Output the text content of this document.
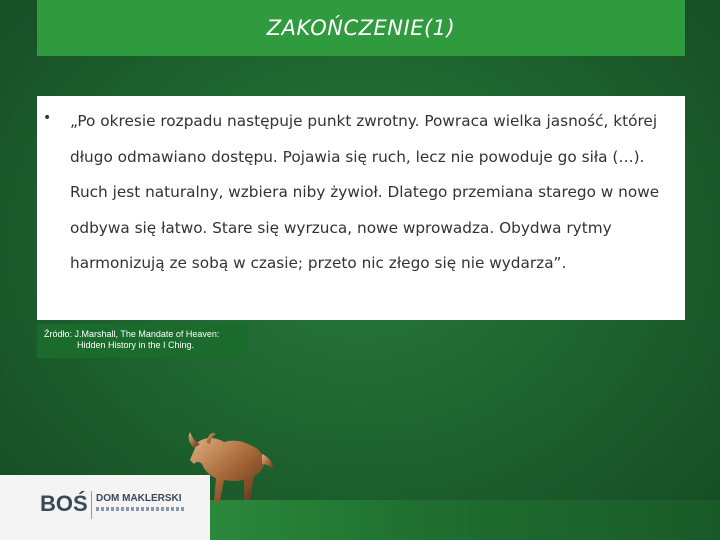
ZAKOŃCZENIE(1)
• „Po okresie rozpadu następuje punkt zwrotny. Powraca wielka jasność, której długo odmawiano dostępu. Pojawia się ruch, lecz nie powoduje go siła (…). Ruch jest naturalny, wzbiera niby żywioł. Dlatego przemiana starego w nowe odbywa się łatwo. Stare się wyrzuca, nowe wprowadza. Obydwa rytmy harmonizują ze sobą w czasie; przeto nic złego się nie wydarza”.
Źródło: J.Marshall, The Mandate of Heaven:
Hidden History in the I Ching.
BOŚ DOM MAKLERSKI
